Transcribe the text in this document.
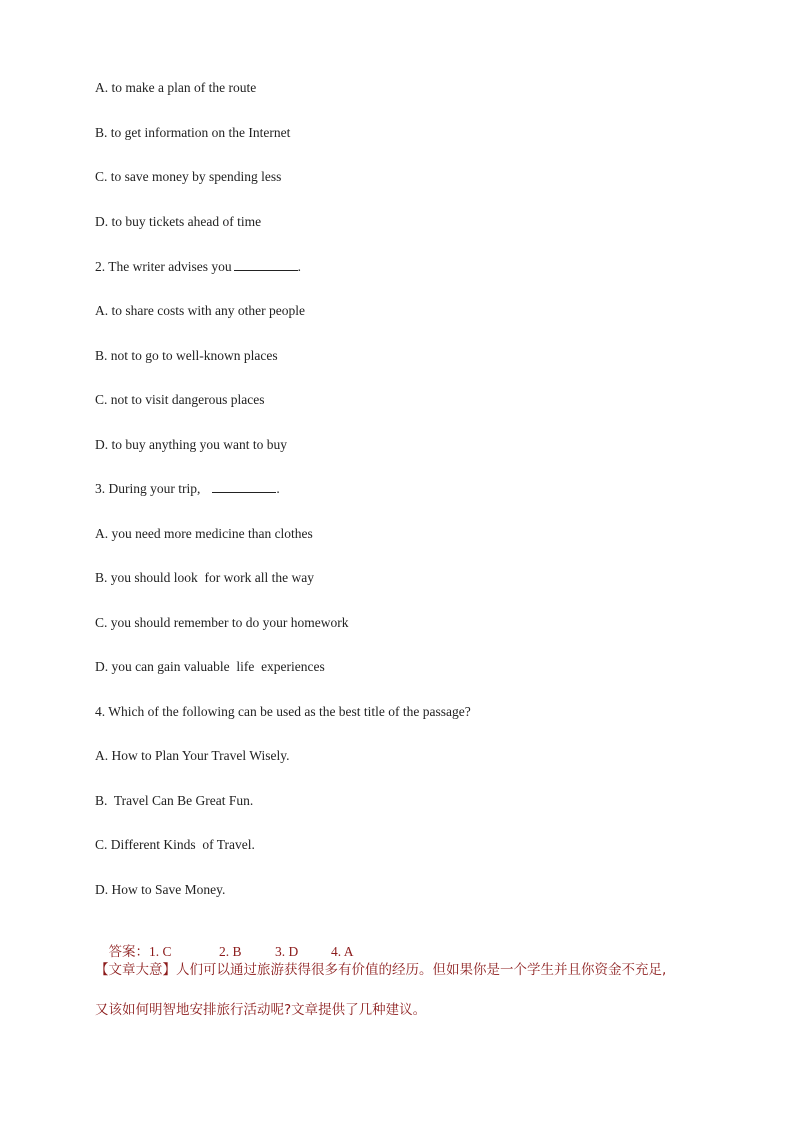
A. to make a plan of the route
B. to get information on the Internet
C. to save money by spending less
D. to buy tickets ahead of time
2. The writer advises you	.
A. to share costs with any other people
B. not to go to well-known places
C. not to visit dangerous places
D. to buy anything you want to buy
3. During your trip,	.
A. you need more medicine than clothes
B. you should look  for work all the way
C. you should remember to do your homework
D. you can gain valuable  life  experiences
4. Which of the following can be used as the best title of the passage?
A. How to Plan Your Travel Wisely.
B.  Travel Can Be Great Fun.
C. Different Kinds  of Travel.
D. How to Save Money.

答案：1. C	2. B 3. D 4. A

【文章大意】人们可以通过旅游获得很多有价值的经历。但如果你是一个学生并且你资金不充足,
又该如何明智地安排旅行活动呢?文章提供了几种建议。
